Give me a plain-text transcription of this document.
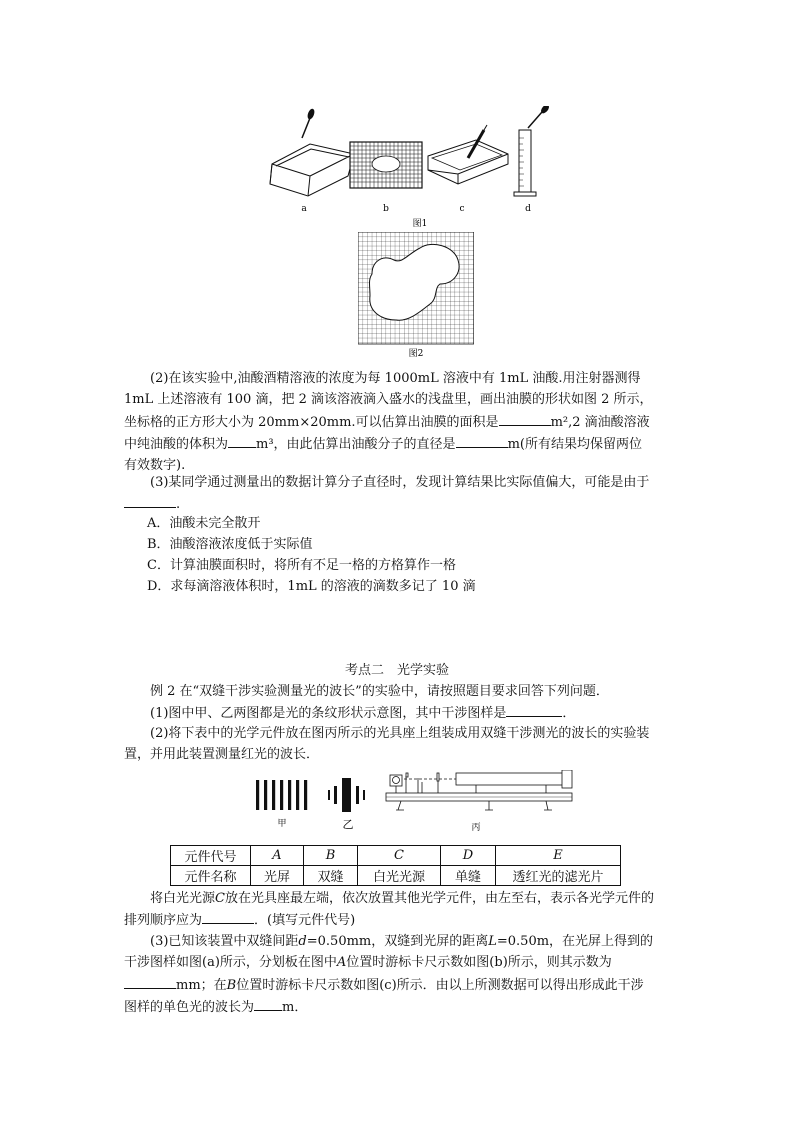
a	b	c	d
图1
图2
(2)在该实验中,油酸酒精溶液的浓度为每 1000mL 溶液中有 1mL 油酸.用注射器测得 1mL 上述溶液有 100 滴，把 2 滴该溶液滴入盛水的浅盘里，画出油膜的形状如图 2 所示，坐标格的正方形大小为 20mm×20mm.可以估算出油膜的面积是	m²,2 滴油酸溶液中纯油酸的体积为 m³，由此估算出油酸分子的直径是	m(所有结果均保留两位有效数字).
(3)某同学通过测量出的数据计算分子直径时，发现计算结果比实际值偏大，可能是由于.
A．油酸未完全散开
B．油酸溶液浓度低于实际值
C．计算油膜面积时，将所有不足一格的方格算作一格
D．求每滴溶液体积时，1mL 的溶液的滴数多记了 10 滴
考点二　光学实验
例 2 在“双缝干涉实验测量光的波长”的实验中，请按照题目要求回答下列问题．
(1)图中甲、乙两图都是光的条纹形状示意图，其中干涉图样是	．
(2)将下表中的光学元件放在图丙所示的光具座上组装成用双缝干涉测光的波长的实验装置，并用此装置测量红光的波长．
甲	乙	丙
元件代号	A	B	C	D	E
元件名称	光屏	双缝	白光光源	单缝	透红光的滤光片
将白光光源C放在光具座最左端，依次放置其他光学元件，由左至右，表示各光学元件的排列顺序应为	．(填写元件代号)
(3)已知该装置中双缝间距d=0.50mm，双缝到光屏的距离L=0.50m，在光屏上得到的干涉图样如图(a)所示，分划板在图中A位置时游标卡尺示数如图(b)所示，则其示数为mm；在B位置时游标卡尺示数如图(c)所示．由以上所测数据可以得出形成此干涉图样的单色光的波长为 m．
